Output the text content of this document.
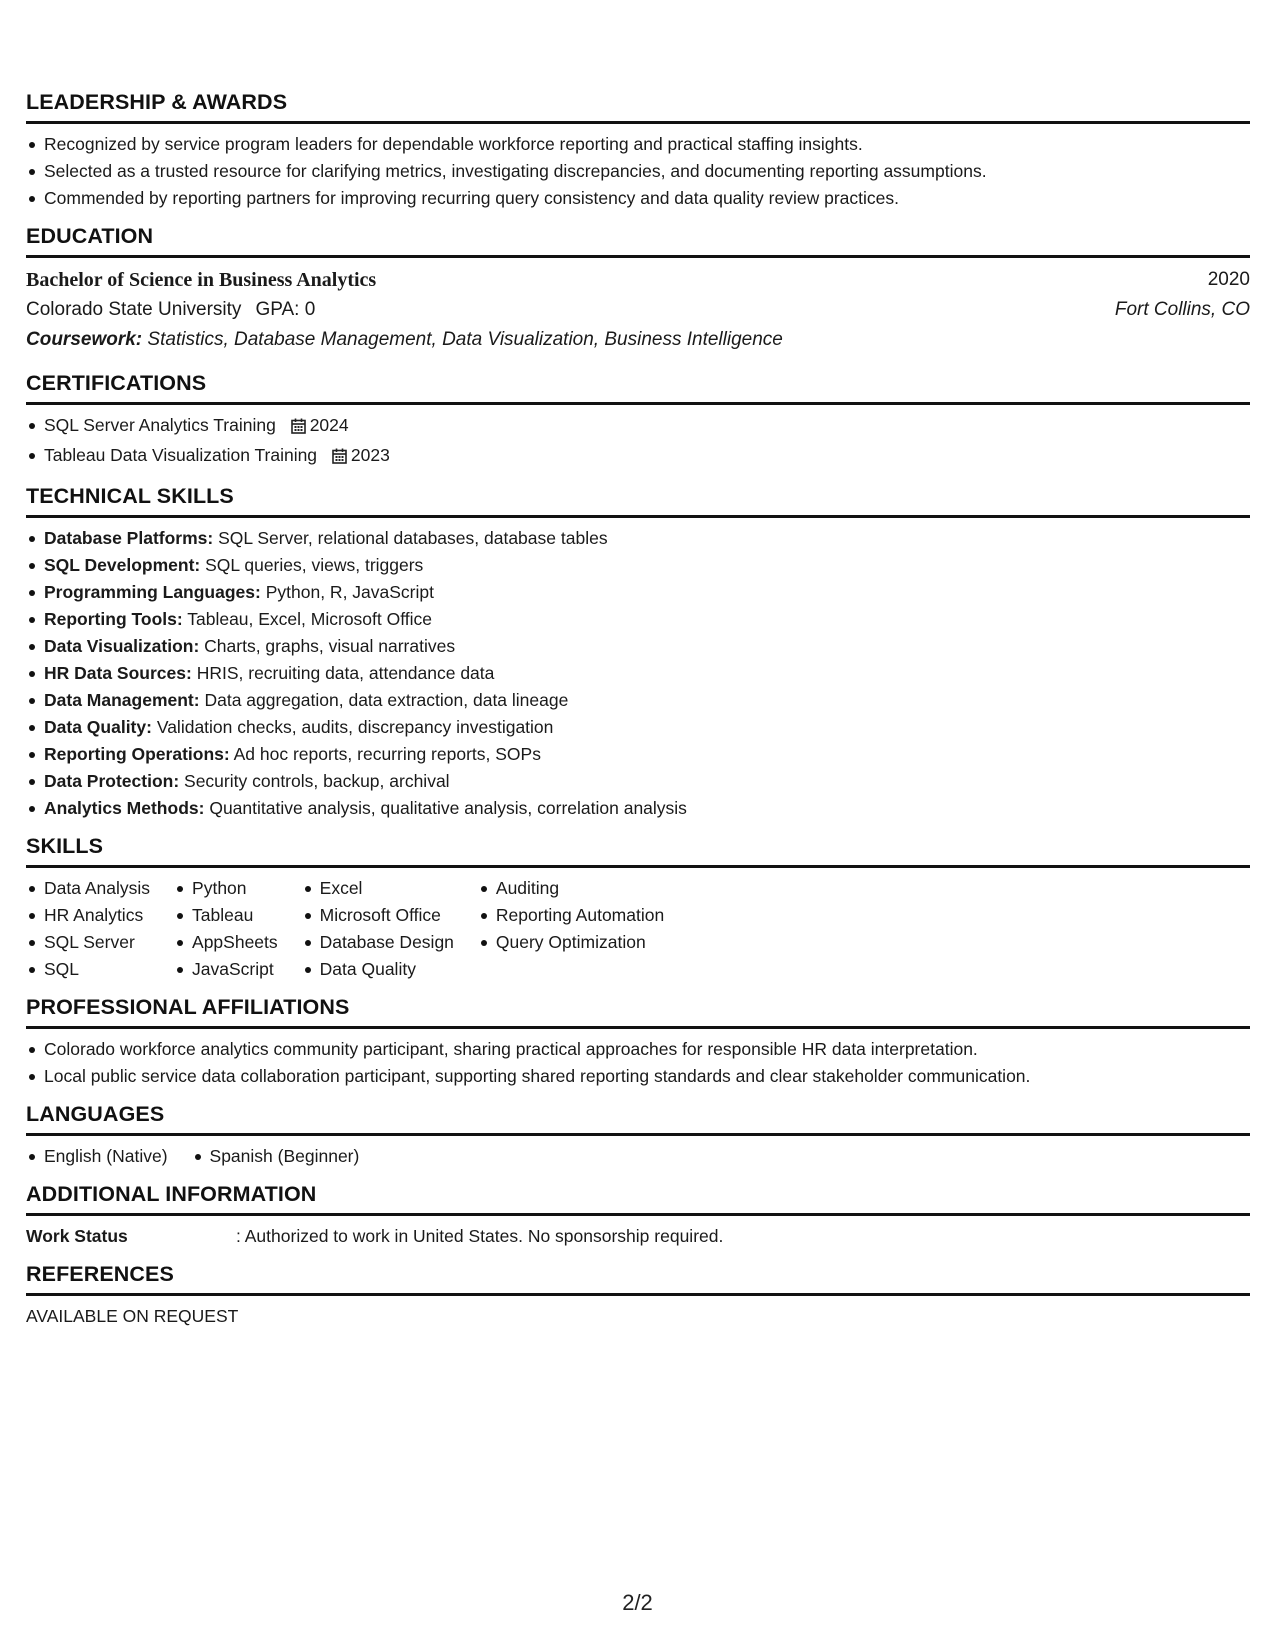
LEADERSHIP & AWARDS
Recognized by service program leaders for dependable workforce reporting and practical staffing insights.
Selected as a trusted resource for clarifying metrics, investigating discrepancies, and documenting reporting assumptions.
Commended by reporting partners for improving recurring query consistency and data quality review practices.
EDUCATION
Bachelor of Science in Business Analytics	2020
Colorado State University GPA: 0	Fort Collins, CO
Coursework: Statistics, Database Management, Data Visualization, Business Intelligence
CERTIFICATIONS
SQL Server Analytics Training 2024
Tableau Data Visualization Training 2023
TECHNICAL SKILLS
Database Platforms: SQL Server, relational databases, database tables
SQL Development: SQL queries, views, triggers
Programming Languages: Python, R, JavaScript
Reporting Tools: Tableau, Excel, Microsoft Office
Data Visualization: Charts, graphs, visual narratives
HR Data Sources: HRIS, recruiting data, attendance data
Data Management: Data aggregation, data extraction, data lineage
Data Quality: Validation checks, audits, discrepancy investigation
Reporting Operations: Ad hoc reports, recurring reports, SOPs
Data Protection: Security controls, backup, archival
Analytics Methods: Quantitative analysis, qualitative analysis, correlation analysis
SKILLS
Data Analysis
HR Analytics
SQL Server
SQL
Python
Tableau
AppSheets
JavaScript
Excel
Microsoft Office
Database Design
Data Quality
Auditing
Reporting Automation
Query Optimization
PROFESSIONAL AFFILIATIONS
Colorado workforce analytics community participant, sharing practical approaches for responsible HR data interpretation.
Local public service data collaboration participant, supporting shared reporting standards and clear stakeholder communication.
LANGUAGES
English (Native)	Spanish (Beginner)
ADDITIONAL INFORMATION
Work Status	: Authorized to work in United States. No sponsorship required.
REFERENCES
AVAILABLE ON REQUEST
2/2
